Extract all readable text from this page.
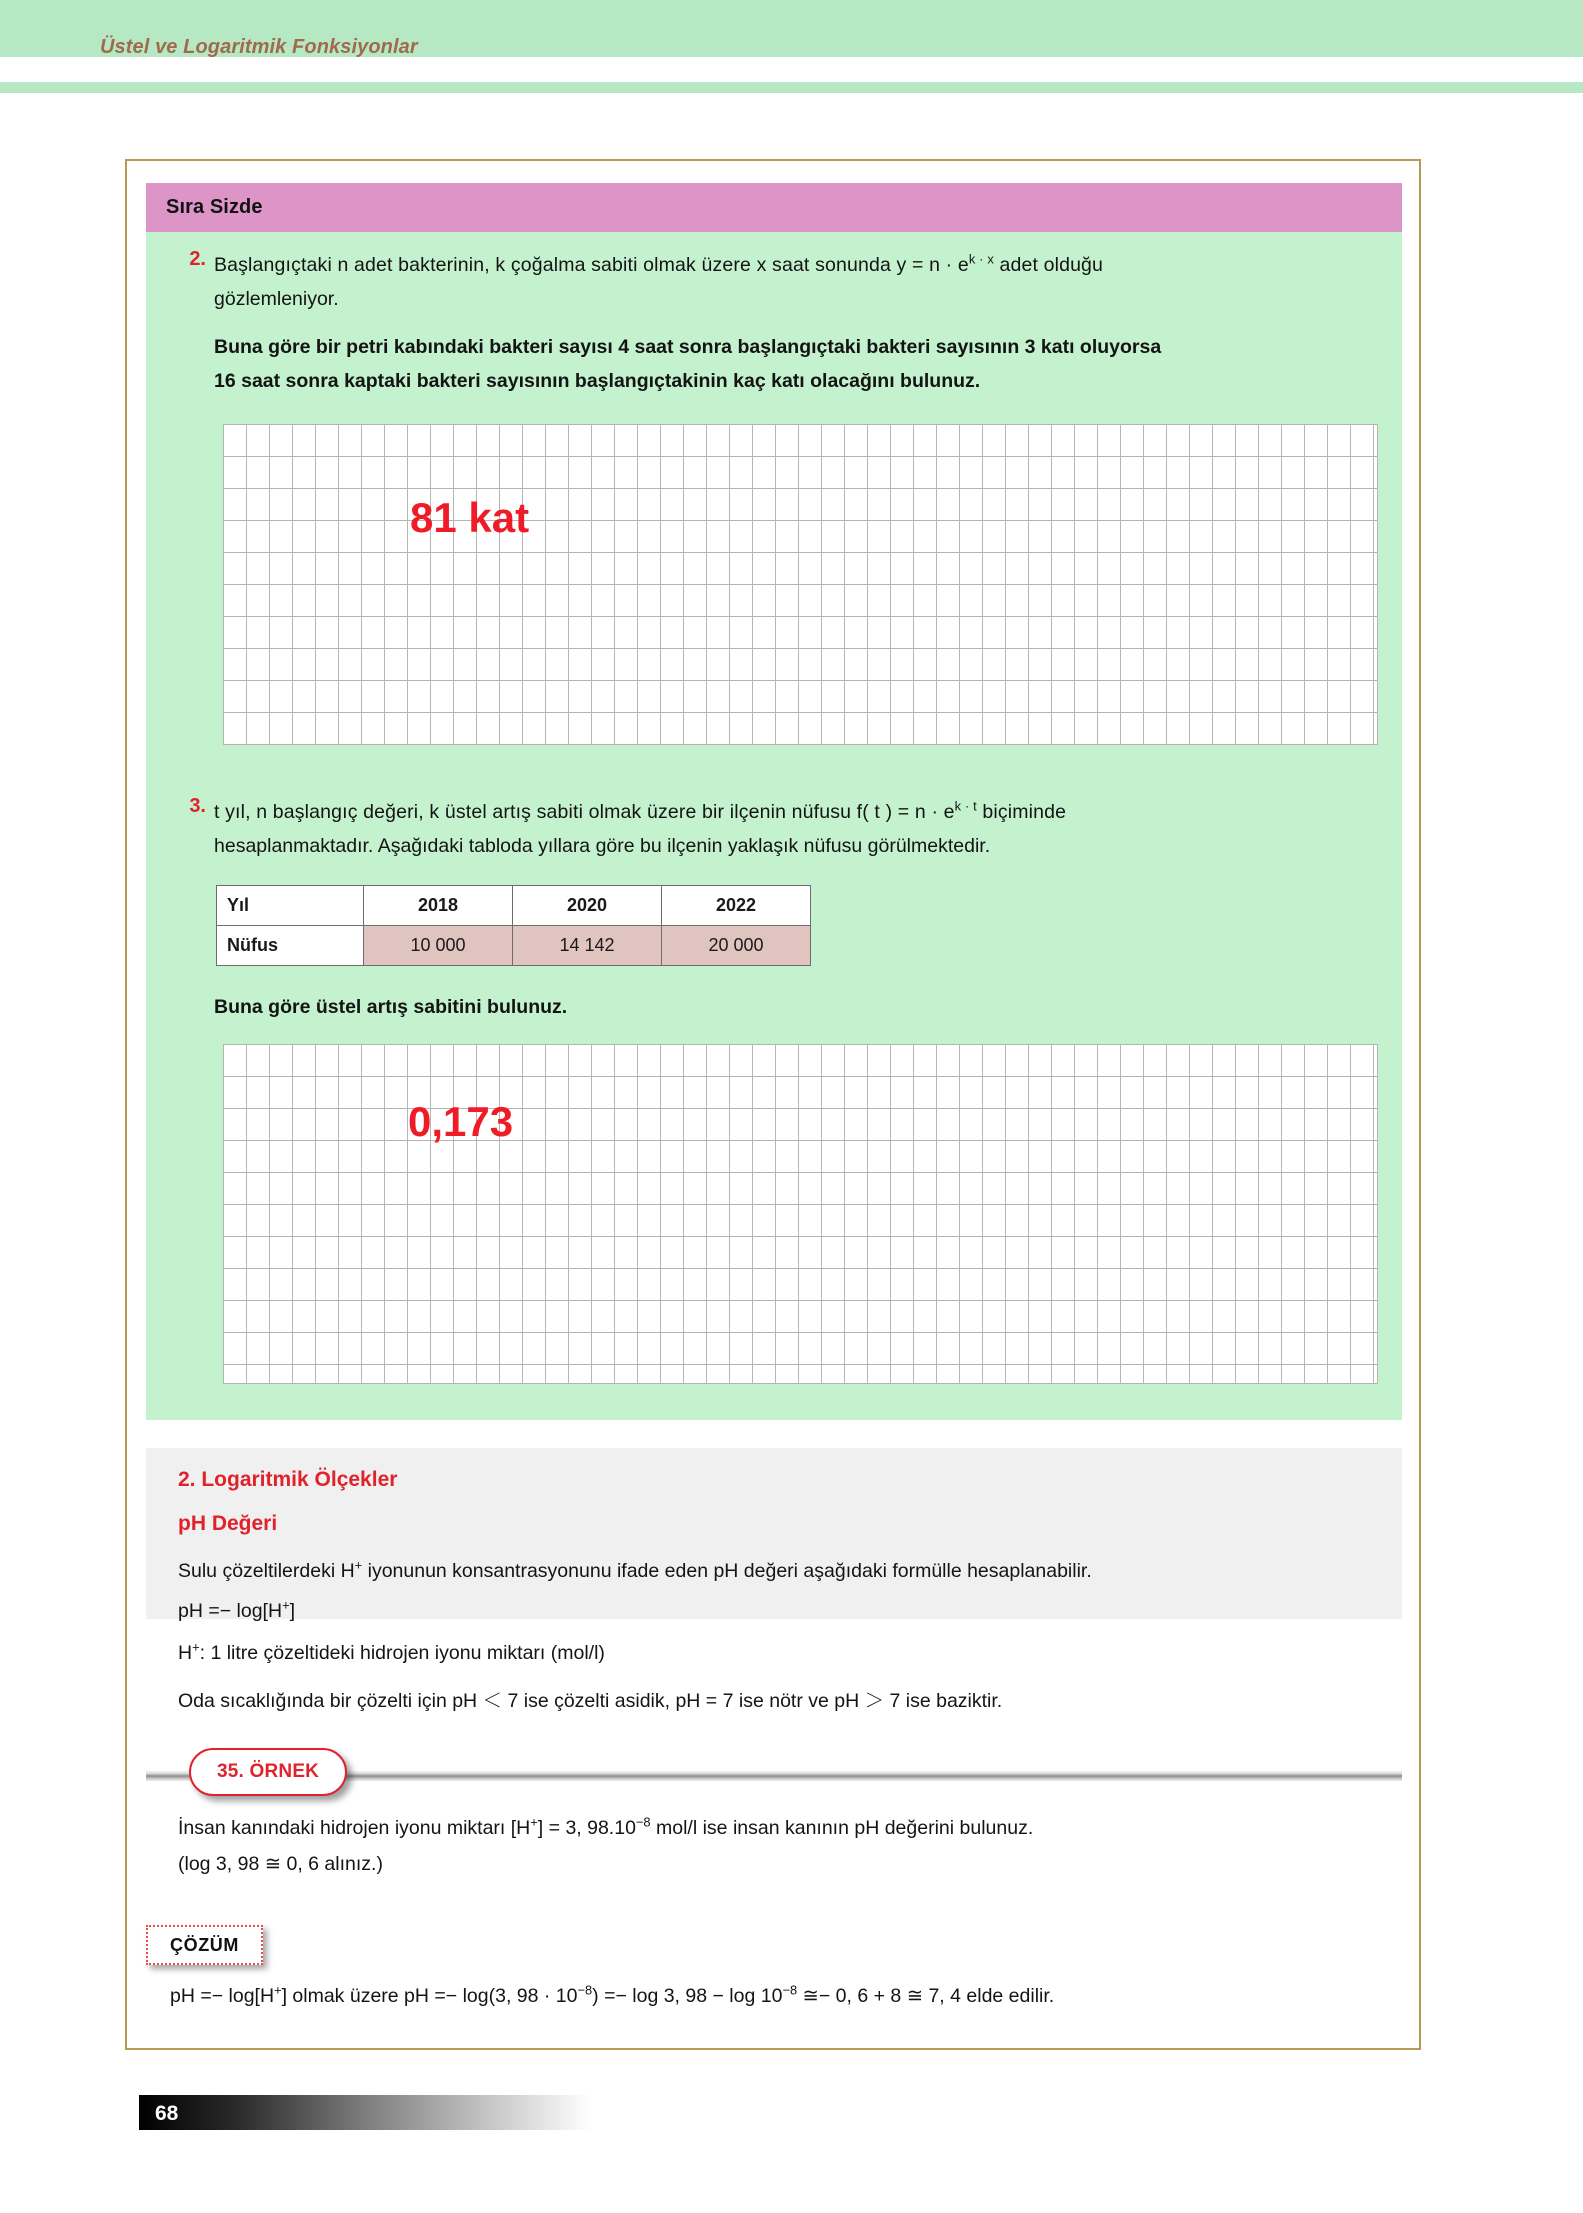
Üstel ve Logaritmik Fonksiyonlar
Sıra Sizde
2. Başlangıçtaki n adet bakterinin, k çoğalma sabiti olmak üzere x saat sonunda $y = n \cdot e^{k \cdot x}$ adet olduğu
gözlemleniyor.
Buna göre bir petri kabındaki bakteri sayısı 4 saat sonra başlangıçtaki bakteri sayısının 3 katı oluyorsa
16 saat sonra kaptaki bakteri sayısının başlangıçtakinin kaç katı olacağını bulunuz.
81 kat
3. t yıl, n başlangıç değeri, k üstel artış sabiti olmak üzere bir ilçenin nüfusu f( t ) = $n \cdot e^{k \cdot t}$ biçiminde
hesaplanmaktadır. Aşağıdaki tabloda yıllara göre bu ilçenin yaklaşık nüfusu görülmektedir.
Yıl	2018	2020	2022
Nüfus	10 000	14 142	20 000
Buna göre üstel artış sabitini bulunuz.
0,173
2. Logaritmik Ölçekler
pH Değeri
Sulu çözeltilerdeki H+ iyonunun konsantrasyonunu ifade eden pH değeri aşağıdaki formülle hesaplanabilir.
pH =− log[H+]
H+: 1 litre çözeltideki hidrojen iyonu miktarı (mol/l)
Oda sıcaklığında bir çözelti için pH ＜ 7 ise çözelti asidik, pH = 7 ise nötr ve pH ＞ 7 ise baziktir.
35. ÖRNEK
İnsan kanındaki hidrojen iyonu miktarı [H+] = 3, $98.10^{-8}$ mol/l ise insan kanının pH değerini bulunuz.
(log 3, 98 ≅ 0, 6 alınız.)
ÇÖZÜM
pH =− log[H+] olmak üzere pH =− log(3, $98 \cdot 10^{-8}) =- \log 3$, $98 - \log 10^{-8}$ ≅− 0, 6 + 8 ≅ 7, 4 elde edilir.
68
